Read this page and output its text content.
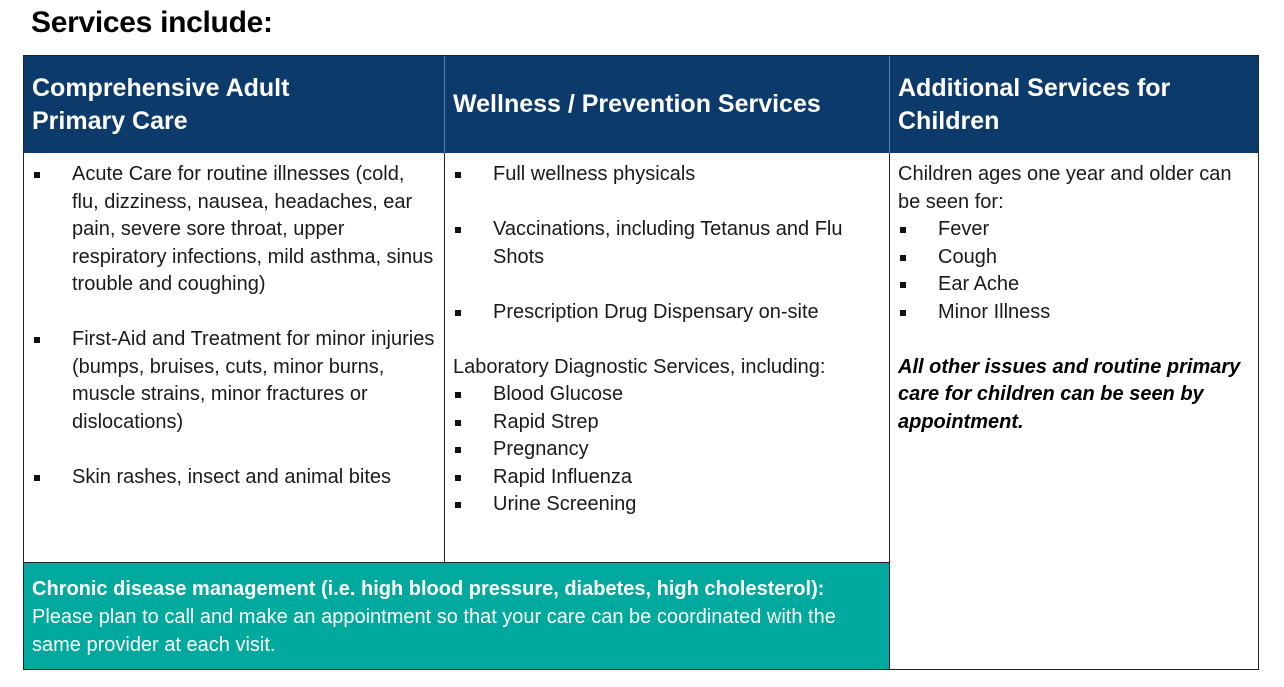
Services include:
Comprehensive Adult
Primary Care
Wellness / Prevention Services
Additional Services for
Children
Acute Care for routine illnesses (cold, flu, dizziness, nausea, headaches, ear pain, severe sore throat, upper respiratory infections, mild asthma, sinus trouble and coughing)
First-Aid and Treatment for minor injuries (bumps, bruises, cuts, minor burns, muscle strains, minor fractures or dislocations)
Skin rashes, insect and animal bites
Full wellness physicals
Vaccinations, including Tetanus and Flu Shots
Prescription Drug Dispensary on-site
Laboratory Diagnostic Services, including:
Blood Glucose
Rapid Strep
Pregnancy
Rapid Influenza
Urine Screening
Children ages one year and older can be seen for:
Fever
Cough
Ear Ache
Minor Illness
All other issues and routine primary care for children can be seen by appointment.
Chronic disease management (i.e. high blood pressure, diabetes, high cholesterol):
Please plan to call and make an appointment so that your care can be coordinated with the same provider at each visit.
